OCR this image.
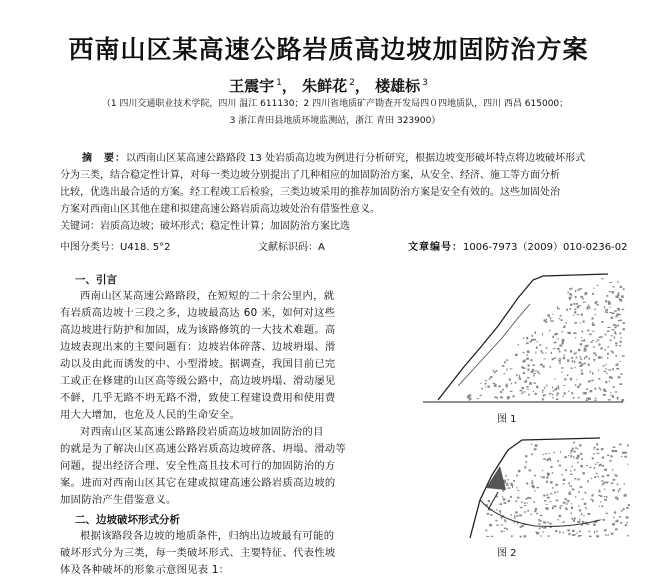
西南山区某高速公路岩质高边坡加固防治方案
王震宇 $^1$， 朱鲜花 $^2$， 楼雄标 $^3$
（1 四川交通职业技术学院，四川 温江 611130；2 四川省地质矿产勘查开发局四０四地质队，四川 西昌 615000；
3 浙江青田县地质环境监测站，浙江 青田 323900）
摘　要：以西南山区某高速公路路段 13 处岩质高边坡为例进行分析研究，根据边坡变形破坏特点将边坡破坏形式
分为三类，结合稳定性计算，对每一类边坡分别提出了几种相应的加固防治方案，从安全、经济、施工等方面分析
比较，优选出最合适的方案。经工程竣工后检验，三类边坡采用的推荐加固防治方案是安全有效的。这些加固处治
方案对西南山区其他在建和拟建高速公路岩质高边坡处治有借鉴性意义。
关键词：岩质高边坡；破坏形式；稳定性计算；加固防治方案比选
中图分类号：U418. 5°2	文献标识码：A	文章编号：1006-7973（2009）010-0236-02
一、引言
西南山区某高速公路路段，在短短的二十余公里内，就
有岩质高边坡十三段之多，边坡最高达 60 米，如何对这些
高边坡进行防护和加固，成为该路修筑的一大技术难题。高
边坡表现出来的主要问题有：边坡岩体碎落、边坡坍塌、滑
动以及由此而诱发的中、小型滑坡。据调查，我国目前已完
工或正在修建的山区高等级公路中，高边坡坍塌、滑动屡见
不鲜，几乎无路不坍无路不滑，致使工程建设费用和使用费
用大大增加，也危及人民的生命安全。
对西南山区某高速公路路段岩质高边坡加固防治的目
的就是为了解决山区高速公路岩质高边坡碎落、坍塌、滑动等
问题，提出经济合理、安全性高且技术可行的加固防治的方
案。进而对西南山区其它在建或拟建高速公路岩质高边坡的
加固防治产生借鉴意义。
二、边坡破坏形式分析
根据该路段各边坡的地质条件，归纳出边坡最有可能的
破坏形式分为三类，每一类破坏形式、主要特征、代表性坡
体及各种破坏的形象示意图见表 1：
图 1
图 2
